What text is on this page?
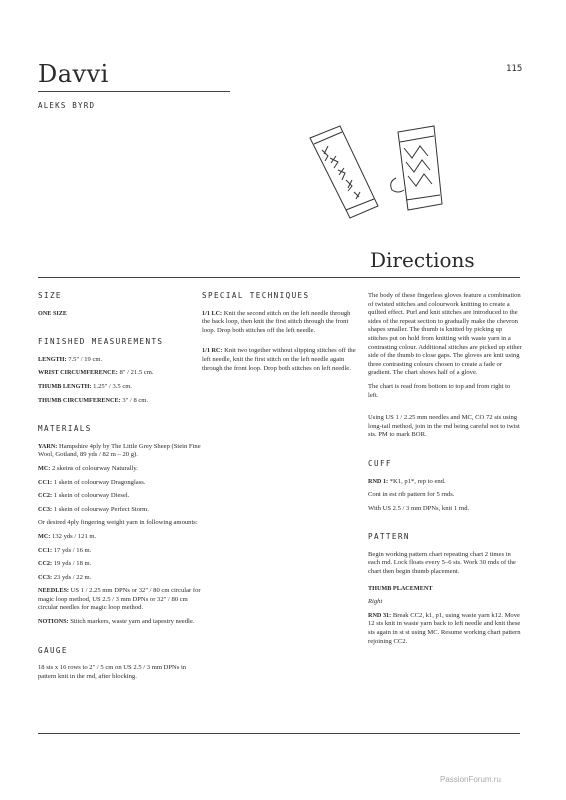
Davvi	115
ALEKS BYRD
Directions
SIZE

ONE SIZE

FINISHED MEASUREMENTS

LENGTH: 7.5" / 19 cm.

WRIST CIRCUMFERENCE: 8" / 21.5 cm.

THUMB LENGTH: 1.25" / 3.5 cm.

THUMB CIRCUMFERENCE: 3" / 8 cm.

MATERIALS

YARN: Hampshire 4ply by The Little Grey Sheep (Stein Fine Wool, Gotland, 89 yds / 82 m – 20 g).

MC: 2 skeins of colourway Naturally.

CC1: 1 skein of colourway Dragonglass.

CC2: 1 skein of colourway Diesel.

CC3: 1 skein of colourway Perfect Storm.

Or desired 4ply fingering weight yarn in following amounts:

MC: 132 yds / 121 m.

CC1: 17 yds / 16 m.

CC2: 19 yds / 18 m.

CC3: 23 yds / 22 m.

NEEDLES: US 1 / 2.25 mm DPNs or 32" / 80 cm circular for magic loop method, US 2.5 / 3 mm DPNs or 32" / 80 cm circular needles for magic loop method.

NOTIONS: Stitch markers, waste yarn and tapestry needle.

GAUGE

18 sts x 16 rows to 2" / 5 cm on US 2.5 / 3 mm DPNs in pattern knit in the rnd, after blocking.

SPECIAL TECHNIQUES

1/1 LC: Knit the second stitch on the left needle through the back loop, then knit the first stitch through the front loop. Drop both stitches off the left needle.

1/1 RC: Knit two together without slipping stitches off the left needle, knit the first stitch on the left needle again through the front loop. Drop both stitches on left needle.

The body of these fingerless gloves feature a combination of twisted stitches and colourwork knitting to create a quilted effect. Purl and knit stitches are introduced to the sides of the repeat section to gradually make the chevron shapes smaller. The thumb is knitted by picking up stitches put on hold from knitting with waste yarn in a contrasting colour. Additional stitches are picked up either side of the thumb to close gaps. The gloves are knit using three contrasting colours chosen to create a fade or gradient. The chart shows half of a glove.

The chart is read from bottom to top and from right to left.

Using US 1 / 2.25 mm needles and MC, CO 72 sts using long-tail method, join in the rnd being careful not to twist sts. PM to mark BOR.

CUFF

RND 1: *K1, p1*, rep to end.

Cont in est rib pattern for 5 rnds.

With US 2.5 / 3 mm DPNs, knit 1 rnd.

PATTERN

Begin working pattern chart repeating chart 2 times in each rnd. Lock floats every 5–6 sts. Work 30 rnds of the chart then begin thumb placement.

THUMB PLACEMENT

Right

RND 31: Break CC2, k1, p1, using waste yarn k12. Move 12 sts knit in waste yarn back to left needle and knit these sts again in st st using MC. Resume working chart pattern rejoining CC2.

PassionForum.ru
